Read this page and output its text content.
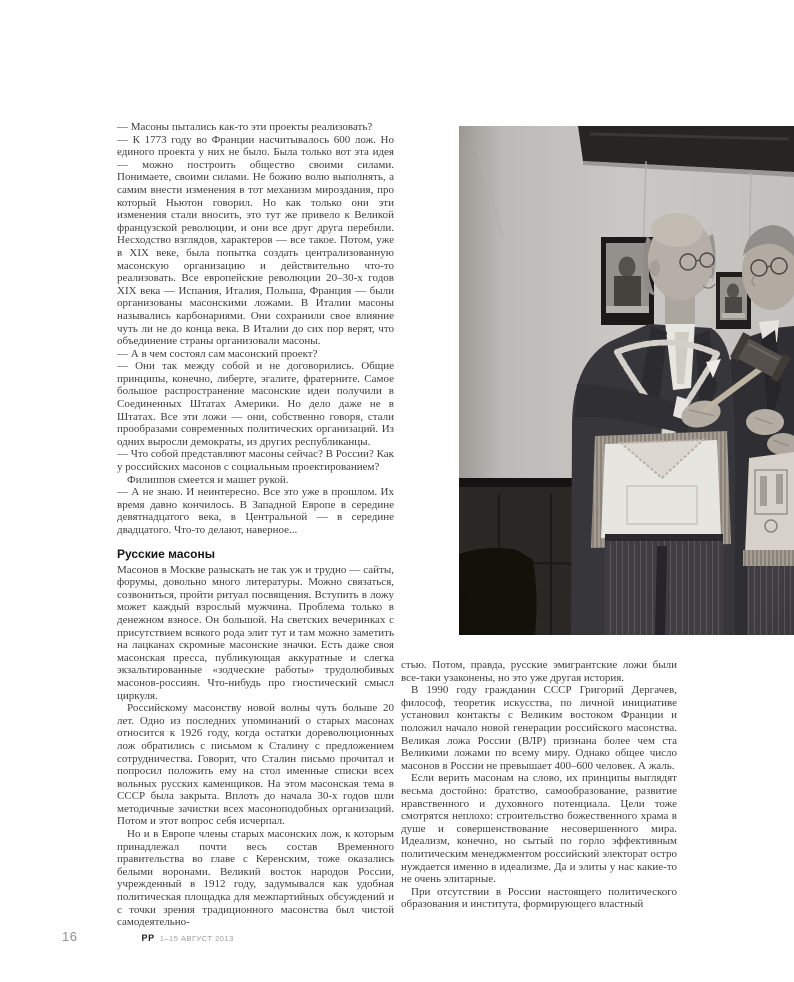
— Масоны пытались как-то эти проекты реализовать?

— К 1773 году во Франции насчитывалось 600 лож. Но единого проекта у них не было. Была только вот эта идея — можно построить общество своими силами. Понимаете, своими силами. Не божию волю выполнять, а самим внести изменения в тот механизм мироздания, про который Ньютон говорил. Но как только они эти изменения стали вносить, это тут же привело к Великой французской революции, и они все друг друга перебили. Несходство взглядов, характеров — все такое. Потом, уже в XIX веке, была попытка создать централизованную масонскую организацию и действительно что-то реализовать. Все европейские революции 20–30-х годов XIX века — Испания, Италия, Польша, Франция — были организованы масонскими ложами. В Италии масоны назывались карбонариями. Они сохранили свое влияние чуть ли не до конца века. В Италии до сих пор верят, что объединение страны организовали масоны.

— А в чем состоял сам масонский проект?

— Они так между собой и не договорились. Общие принципы, конечно, либерте, эгалите, фратерните. Самое большое распространение масонские идеи получили в Соединенных Штатах Америки. Но дело даже не в Штатах. Все эти ложи — они, собственно говоря, стали прообразами современных политических организаций. Из одних выросли демократы, из других республиканцы.

— Что собой представляют масоны сейчас? В России? Как у российских масонов с социальным проектированием?

Филиппов смеется и машет рукой.

— А не знаю. И неинтересно. Все это уже в прошлом. Их время давно кончилось. В Западной Европе в середине девятнадцатого века, в Центральной — в середине двадцатого. Что-то делают, наверное...

Русские масоны

Масонов в Москве разыскать не так уж и трудно — сайты, форумы, довольно много литературы. Можно связаться, созвониться, пройти ритуал посвящения. Вступить в ложу может каждый взрослый мужчина. Проблема только в денежном взносе. Он большой. На светских вечеринках с присутствием всякого рода элит тут и там можно заметить на лацканах скромные масонские значки. Есть даже своя масонская пресса, публикующая аккуратные и слегка экзальтированные «зодческие работы» трудолюбивых масонов-россиян. Что-нибудь про гностический смысл циркуля.

Российскому масонству новой волны чуть больше 20 лет. Одно из последних упоминаний о старых масонах относится к 1926 году, когда остатки дореволюционных лож обратились с письмом к Сталину с предложением сотрудничества. Говорят, что Сталин письмо прочитал и попросил положить ему на стол именные списки всех вольных русских каменщиков. На этом масонская тема в СССР была закрыта. Вплоть до начала 30-х годов шли методичные зачистки всех масоноподобных организаций. Потом и этот вопрос себя исчерпал.

Но и в Европе члены старых масонских лож, к которым принадлежал почти весь состав Временного правительства во главе с Керенским, тоже оказались белыми воронами. Великий восток народов России, учрежденный в 1912 году, задумывался как удобная политическая площадка для межпартийных обсуждений и с точки зрения традиционного масонства был чистой самодеятельно-

стью. Потом, правда, русские эмигрантские ложи были все-таки узаконены, но это уже другая история.

В 1990 году гражданин СССР Григорий Дергачев, философ, теоретик искусства, по личной инициативе установил контакты с Великим востоком Франции и положил начало новой генерации российского масонства. Великая ложа России (ВЛР) признана более чем ста Великими ложами по всему миру. Однако общее число масонов в России не превышает 400–600 человек. А жаль.

Если верить масонам на слово, их принципы выглядят весьма достойно: братство, самообразование, развитие нравственного и духовного потенциала. Цели тоже смотрятся неплохо: строительство божественного храма в душе и совершенствование несовершенного мира. Идеализм, конечно, но сытый по горло эффективным политическим менеджментом российский электорат остро нуждается именно в идеализме. Да и элиты у нас какие-то не очень элитарные.

При отсутствии в России настоящего политического образования и института, формирующего властный

16	РР 1–15 АВГУСТ 2013
